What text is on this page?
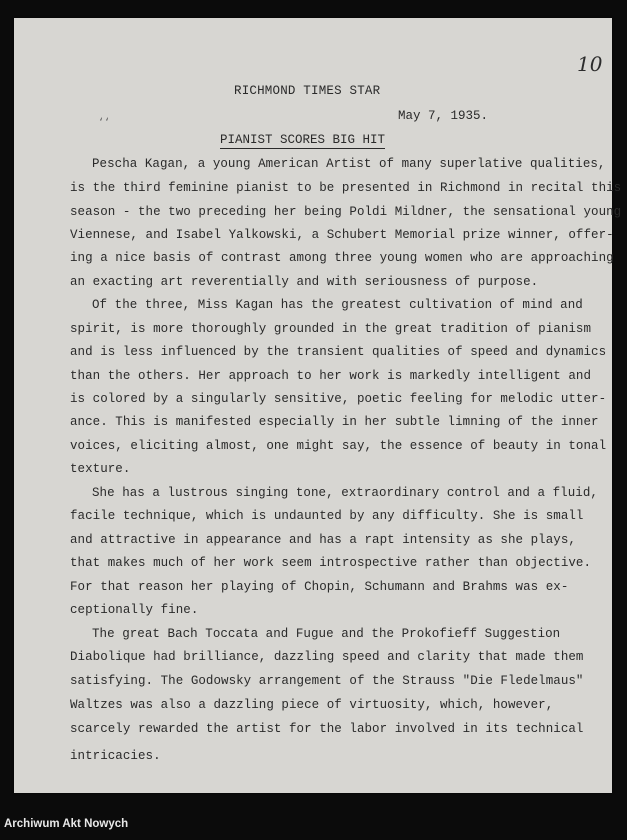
10
RICHMOND TIMES STAR
May 7, 1935.
‘‘
PIANIST SCORES BIG HIT
Pescha Kagan, a young American Artist of many superlative qualities,
is the third feminine pianist to be presented in Richmond in recital this
season - the two preceding her being Poldi Mildner, the sensational young
Viennese, and Isabel Yalkowski, a Schubert Memorial prize winner, offer-
ing a nice basis of contrast among three young women who are approaching
an exacting art reverentially and with seriousness of purpose.
Of the three, Miss Kagan has the greatest cultivation of mind and
spirit, is more thoroughly grounded in the great tradition of pianism
and is less influenced by the transient qualities of speed and dynamics
than the others. Her approach to her work is markedly intelligent and
is colored by a singularly sensitive, poetic feeling for melodic utter-
ance. This is manifested especially in her subtle limning of the inner
voices, eliciting almost, one might say, the essence of beauty in tonal
texture.
She has a lustrous singing tone, extraordinary control and a fluid,
facile technique, which is undaunted by any difficulty. She is small
and attractive in appearance and has a rapt intensity as she plays,
that makes much of her work seem introspective rather than objective.
For that reason her playing of Chopin, Schumann and Brahms was ex-
ceptionally fine.
The great Bach Toccata and Fugue and the Prokofieff Suggestion
Diabolique had brilliance, dazzling speed and clarity that made them
satisfying. The Godowsky arrangement of the Strauss "Die Fledelmaus"
Waltzes was also a dazzling piece of virtuosity, which, however,
scarcely rewarded the artist for the labor involved in its technical
intricacies.
Archiwum Akt Nowych
